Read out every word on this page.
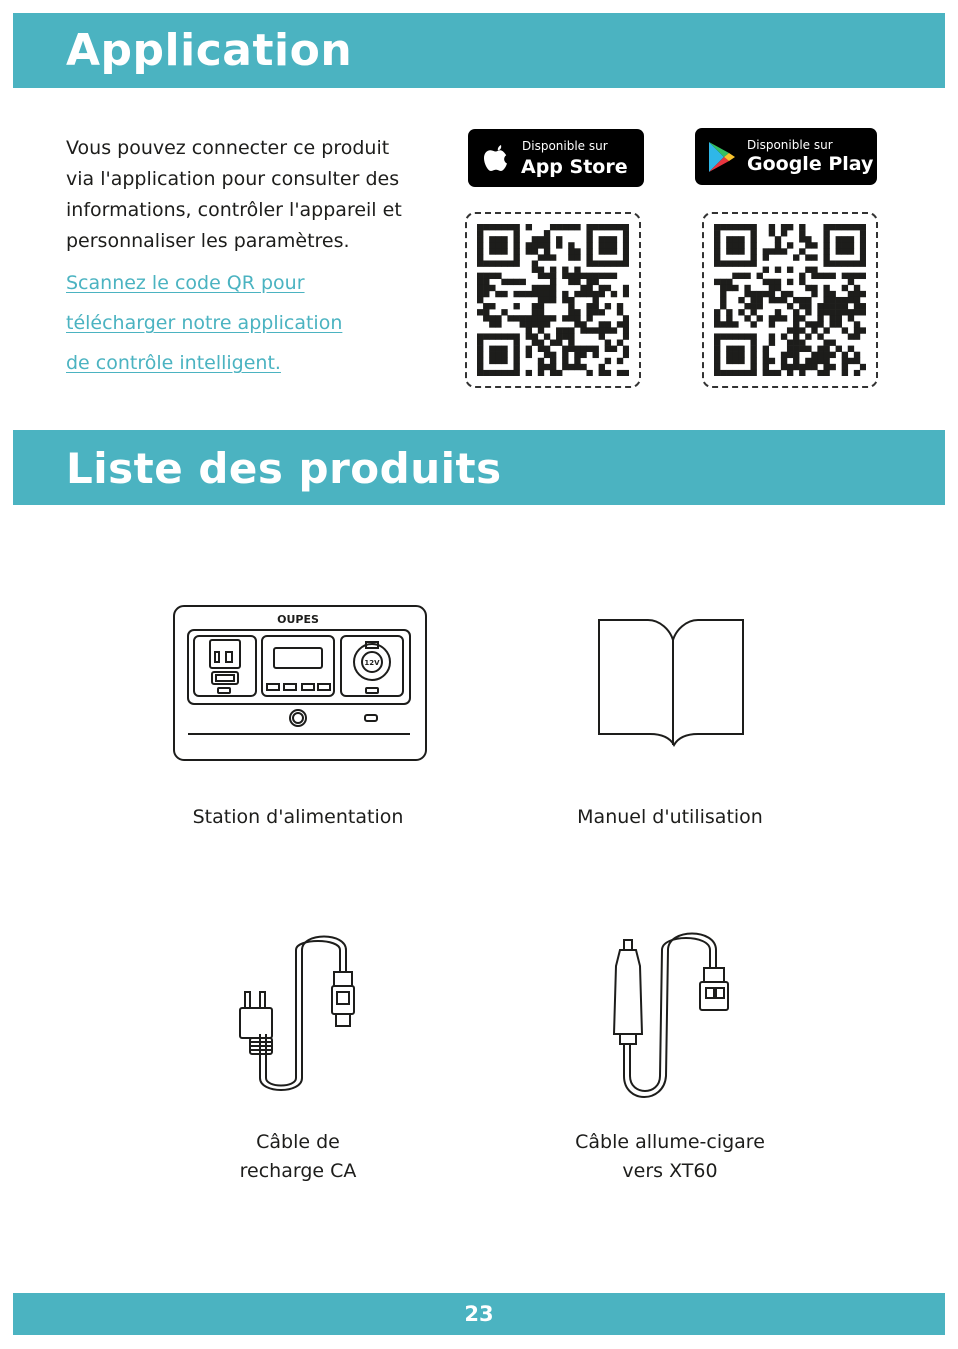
Application

Vous pouvez connecter ce produit

via l'application pour consulter des

informations, contrôler l'appareil et

personnaliser les paramètres.

Scannez le code QR pour
télécharger notre application
de contrôle intelligent.
Disponible sur
App Store
Disponible sur
Google Play
Liste des produits
OUPES
12V
Station d'alimentation	Manuel d'utilisation
Câble de
recharge CA
Câble allume-cigare
vers XT60
23
